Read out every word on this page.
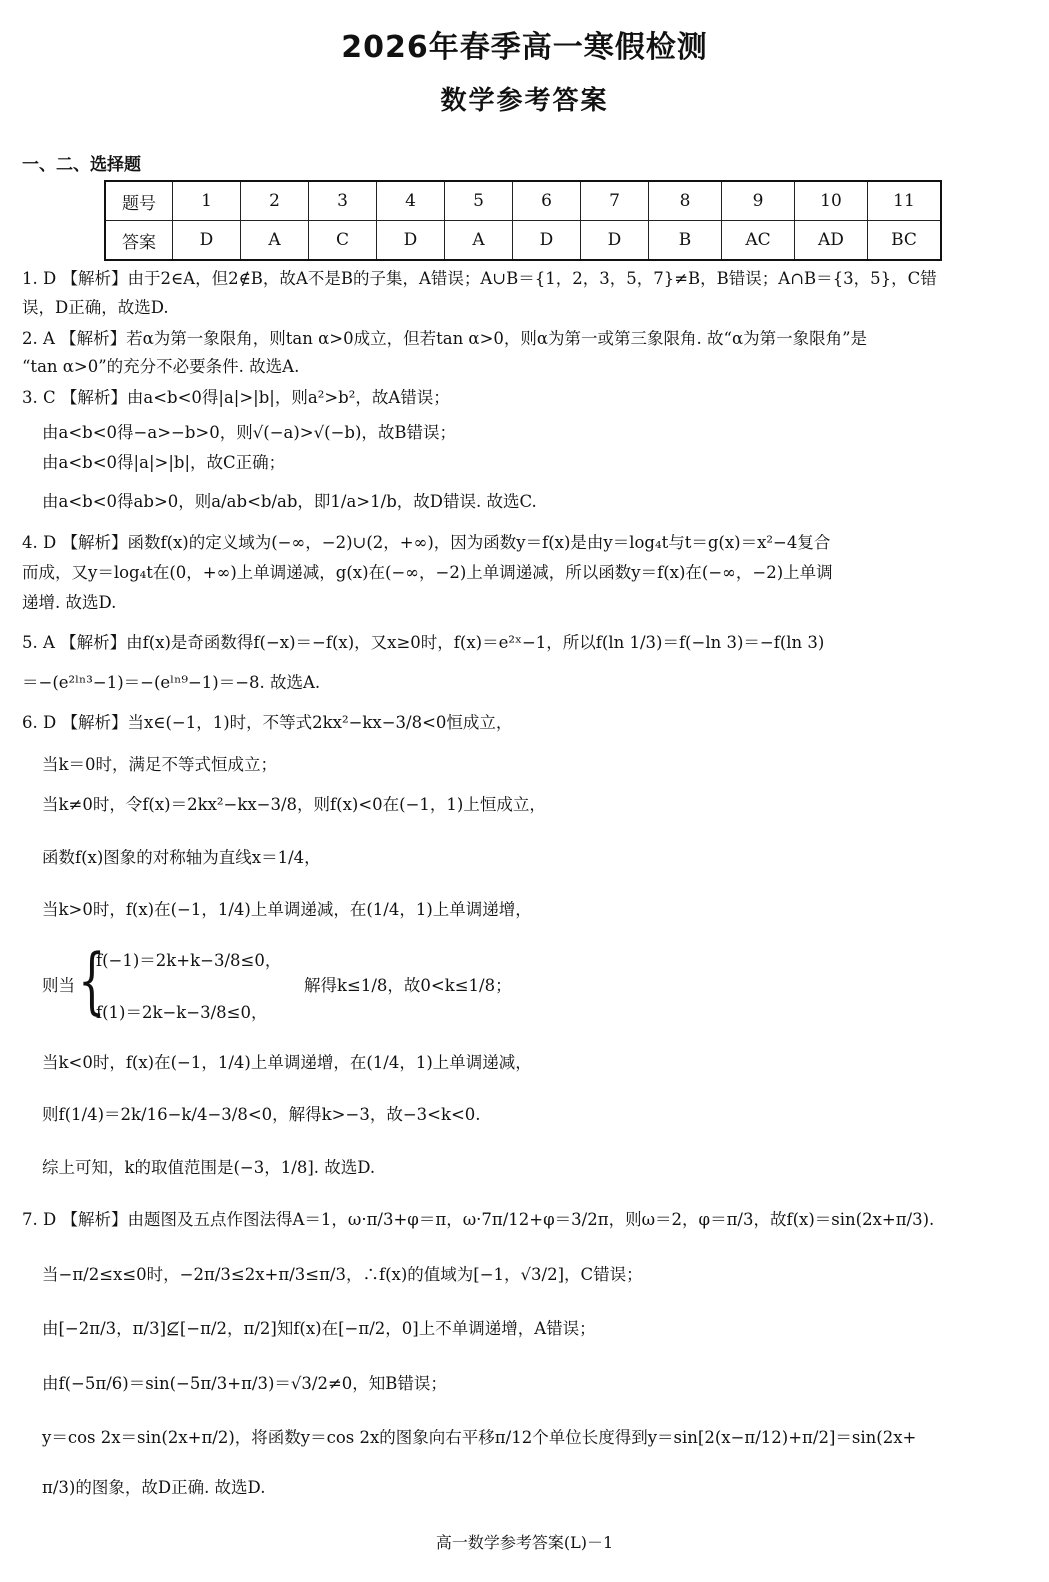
2026年春季高一寒假检测
数学参考答案
一、二、选择题
题号	1	2	3	4	5	6	7	8	9	10	11
答案	D	A	C	D	A	D	D	B	AC	AD	BC
1. D 【解析】由于2∈A，但2∉B，故A不是B的子集，A错误；A∪B＝{1，2，3，5，7}≠B，B错误；A∩B＝{3，5}，C错
误，D正确，故选D.
2. A 【解析】若α为第一象限角，则tan α>0成立，但若tan α>0，则α为第一或第三象限角. 故“α为第一象限角”是
“tan α>0”的充分不必要条件. 故选A.
3. C 【解析】由a<b<0得|a|>|b|，则a²>b²，故A错误；
由a<b<0得−a>−b>0，则√(−a)>√(−b)，故B错误；
由a<b<0得|a|>|b|，故C正确；
由a<b<0得ab>0，则a/ab<b/ab，即1/a>1/b，故D错误. 故选C.
4. D 【解析】函数f(x)的定义域为(−∞，−2)∪(2，+∞)，因为函数y＝f(x)是由y＝log₄t与t＝g(x)＝x²−4复合
而成，又y＝log₄t在(0，+∞)上单调递减，g(x)在(−∞，−2)上单调递减，所以函数y＝f(x)在(−∞，−2)上单调
递增. 故选D.
5. A 【解析】由f(x)是奇函数得f(−x)＝−f(x)，又x≥0时，f(x)＝e²ˣ−1，所以f(ln 1/3)＝f(−ln 3)＝−f(ln 3)
＝−(e²ˡⁿ³−1)＝−(eˡⁿ⁹−1)＝−8. 故选A.
6. D 【解析】当x∈(−1，1)时，不等式2kx²−kx−3/8<0恒成立，
当k＝0时，满足不等式恒成立；
当k≠0时，令f(x)＝2kx²−kx−3/8，则f(x)<0在(−1，1)上恒成立，
函数f(x)图象的对称轴为直线x＝1/4，
当k>0时，f(x)在(−1，1/4)上单调递减，在(1/4，1)上单调递增，
f(−1)＝2k+k−3/8≤0，
则当 {	解得k≤1/8，故0<k≤1/8；
f(1)＝2k−k−3/8≤0，
当k<0时，f(x)在(−1，1/4)上单调递增，在(1/4，1)上单调递减，
则f(1/4)＝2k/16−k/4−3/8<0，解得k>−3，故−3<k<0.
综上可知，k的取值范围是(−3，1/8]. 故选D.
7. D 【解析】由题图及五点作图法得A＝1，ω·π/3+φ＝π，ω·7π/12+φ＝3/2π，则ω＝2，φ＝π/3，故f(x)＝sin(2x+π/3).
当−π/2≤x≤0时，−2π/3≤2x+π/3≤π/3，∴f(x)的值域为[−1，√3/2]，C错误；
由[−2π/3，π/3]⊈[−π/2，π/2]知f(x)在[−π/2，0]上不单调递增，A错误；
由f(−5π/6)＝sin(−5π/3+π/3)＝√3/2≠0，知B错误；
y＝cos 2x＝sin(2x+π/2)，将函数y＝cos 2x的图象向右平移π/12个单位长度得到y＝sin[2(x−π/12)+π/2]＝sin(2x+
π/3)的图象，故D正确. 故选D.
高一数学参考答案(L)－1
